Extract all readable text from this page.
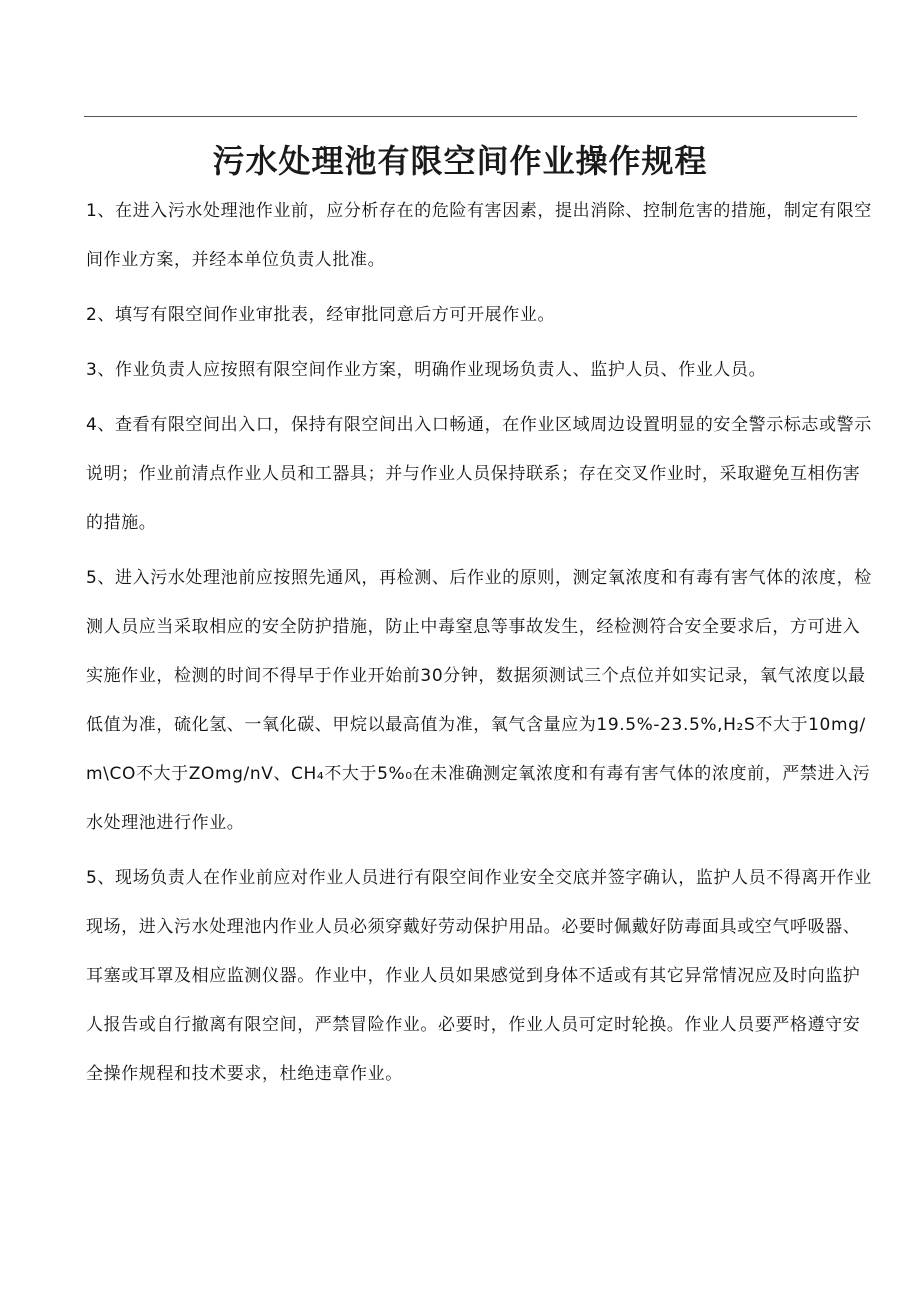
污水处理池有限空间作业操作规程

1、在进入污水处理池作业前，应分析存在的危险有害因素，提出消除、控制危害的措施，制定有限空间作业方案，并经本单位负责人批准。

2、填写有限空间作业审批表，经审批同意后方可开展作业。

3、作业负责人应按照有限空间作业方案，明确作业现场负责人、监护人员、作业人员。

4、查看有限空间出入口，保持有限空间出入口畅通，在作业区域周边设置明显的安全警示标志或警示说明；作业前清点作业人员和工器具；并与作业人员保持联系；存在交叉作业时，采取避免互相伤害的措施。

5、进入污水处理池前应按照先通风，再检测、后作业的原则，测定氧浓度和有毒有害气体的浓度，检测人员应当采取相应的安全防护措施，防止中毒窒息等事故发生，经检测符合安全要求后，方可进入实施作业，检测的时间不得早于作业开始前30分钟，数据须测试三个点位并如实记录，氧气浓度以最低值为准，硫化氢、一氧化碳、甲烷以最高值为准，氧气含量应为19.5%-23.5%,H₂S不大于10mg∕m\CO不大于ZOmg/nV、CH₄不大于5%₀在未准确测定氧浓度和有毒有害气体的浓度前，严禁进入污水处理池进行作业。

5、现场负责人在作业前应对作业人员进行有限空间作业安全交底并签字确认，监护人员不得离开作业现场，进入污水处理池内作业人员必须穿戴好劳动保护用品。必要时佩戴好防毒面具或空气呼吸器、耳塞或耳罩及相应监测仪器。作业中，作业人员如果感觉到身体不适或有其它异常情况应及时向监护人报告或自行撤离有限空间，严禁冒险作业。必要时，作业人员可定时轮换。作业人员要严格遵守安全操作规程和技术要求，杜绝违章作业。
